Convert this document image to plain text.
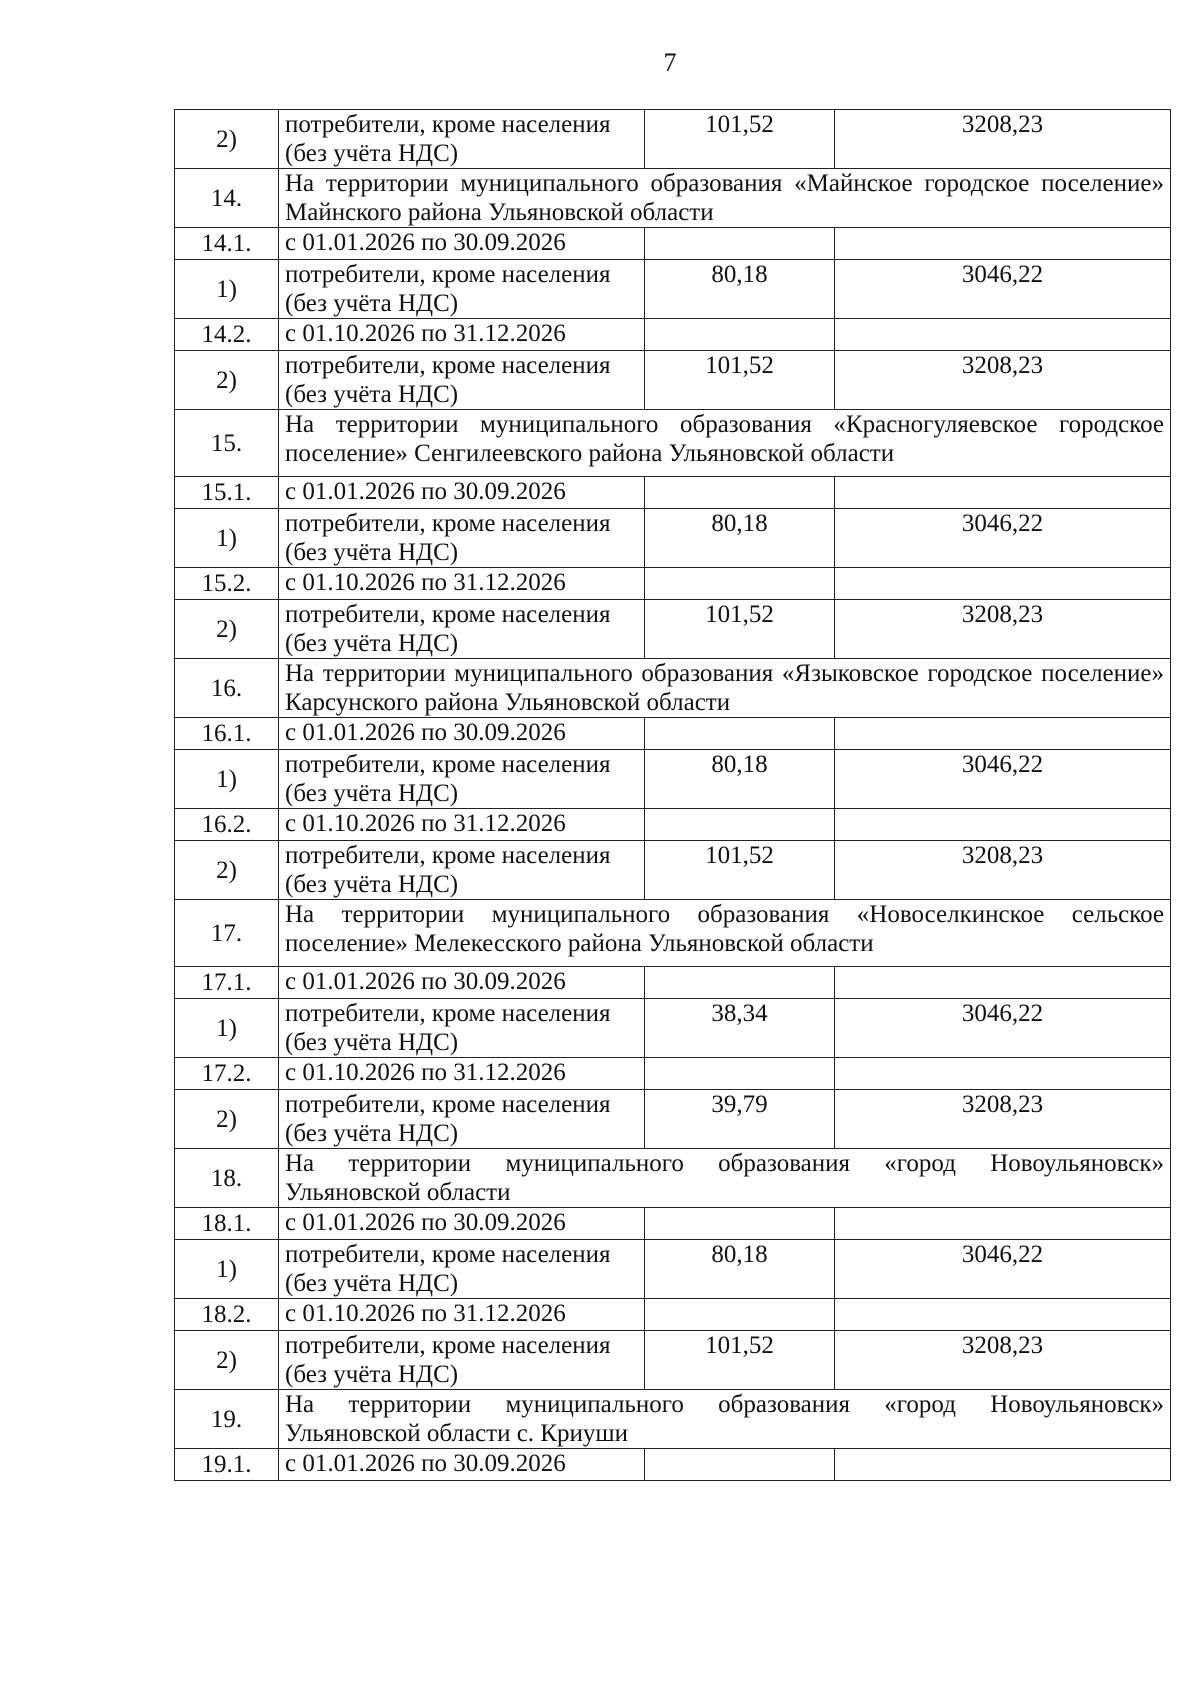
7
2)	потребители, кроме населения (без учёта НДС)	101,52	3208,23
14.	На территории муниципального образования «Майнское городское поселение» Майнского района Ульяновской области		
14.1.	с 01.01.2026 по 30.09.2026		
1)	потребители, кроме населения (без учёта НДС)	80,18	3046,22
14.2.	с 01.10.2026 по 31.12.2026		
2)	потребители, кроме населения (без учёта НДС)	101,52	3208,23
15.	На территории муниципального образования «Красногуляевское городское поселение» Сенгилеевского района Ульяновской области		
15.1.	с 01.01.2026 по 30.09.2026		
1)	потребители, кроме населения (без учёта НДС)	80,18	3046,22
15.2.	с 01.10.2026 по 31.12.2026		
2)	потребители, кроме населения (без учёта НДС)	101,52	3208,23
16.	На территории муниципального образования «Языковское городское поселение» Карсунского района Ульяновской области		
16.1.	с 01.01.2026 по 30.09.2026		
1)	потребители, кроме населения (без учёта НДС)	80,18	3046,22
16.2.	с 01.10.2026 по 31.12.2026		
2)	потребители, кроме населения (без учёта НДС)	101,52	3208,23
17.	На территории муниципального образования «Новоселкинское сельское поселение» Мелекесского района Ульяновской области		
17.1.	с 01.01.2026 по 30.09.2026		
1)	потребители, кроме населения (без учёта НДС)	38,34	3046,22
17.2.	с 01.10.2026 по 31.12.2026		
2)	потребители, кроме населения (без учёта НДС)	39,79	3208,23
18.	На территории муниципального образования «город Новоульяновск» Ульяновской области		
18.1.	с 01.01.2026 по 30.09.2026		
1)	потребители, кроме населения (без учёта НДС)	80,18	3046,22
18.2.	с 01.10.2026 по 31.12.2026		
2)	потребители, кроме населения (без учёта НДС)	101,52	3208,23
19.	На территории муниципального образования «город Новоульяновск» Ульяновской области с. Криуши		
19.1.	с 01.01.2026 по 30.09.2026		
